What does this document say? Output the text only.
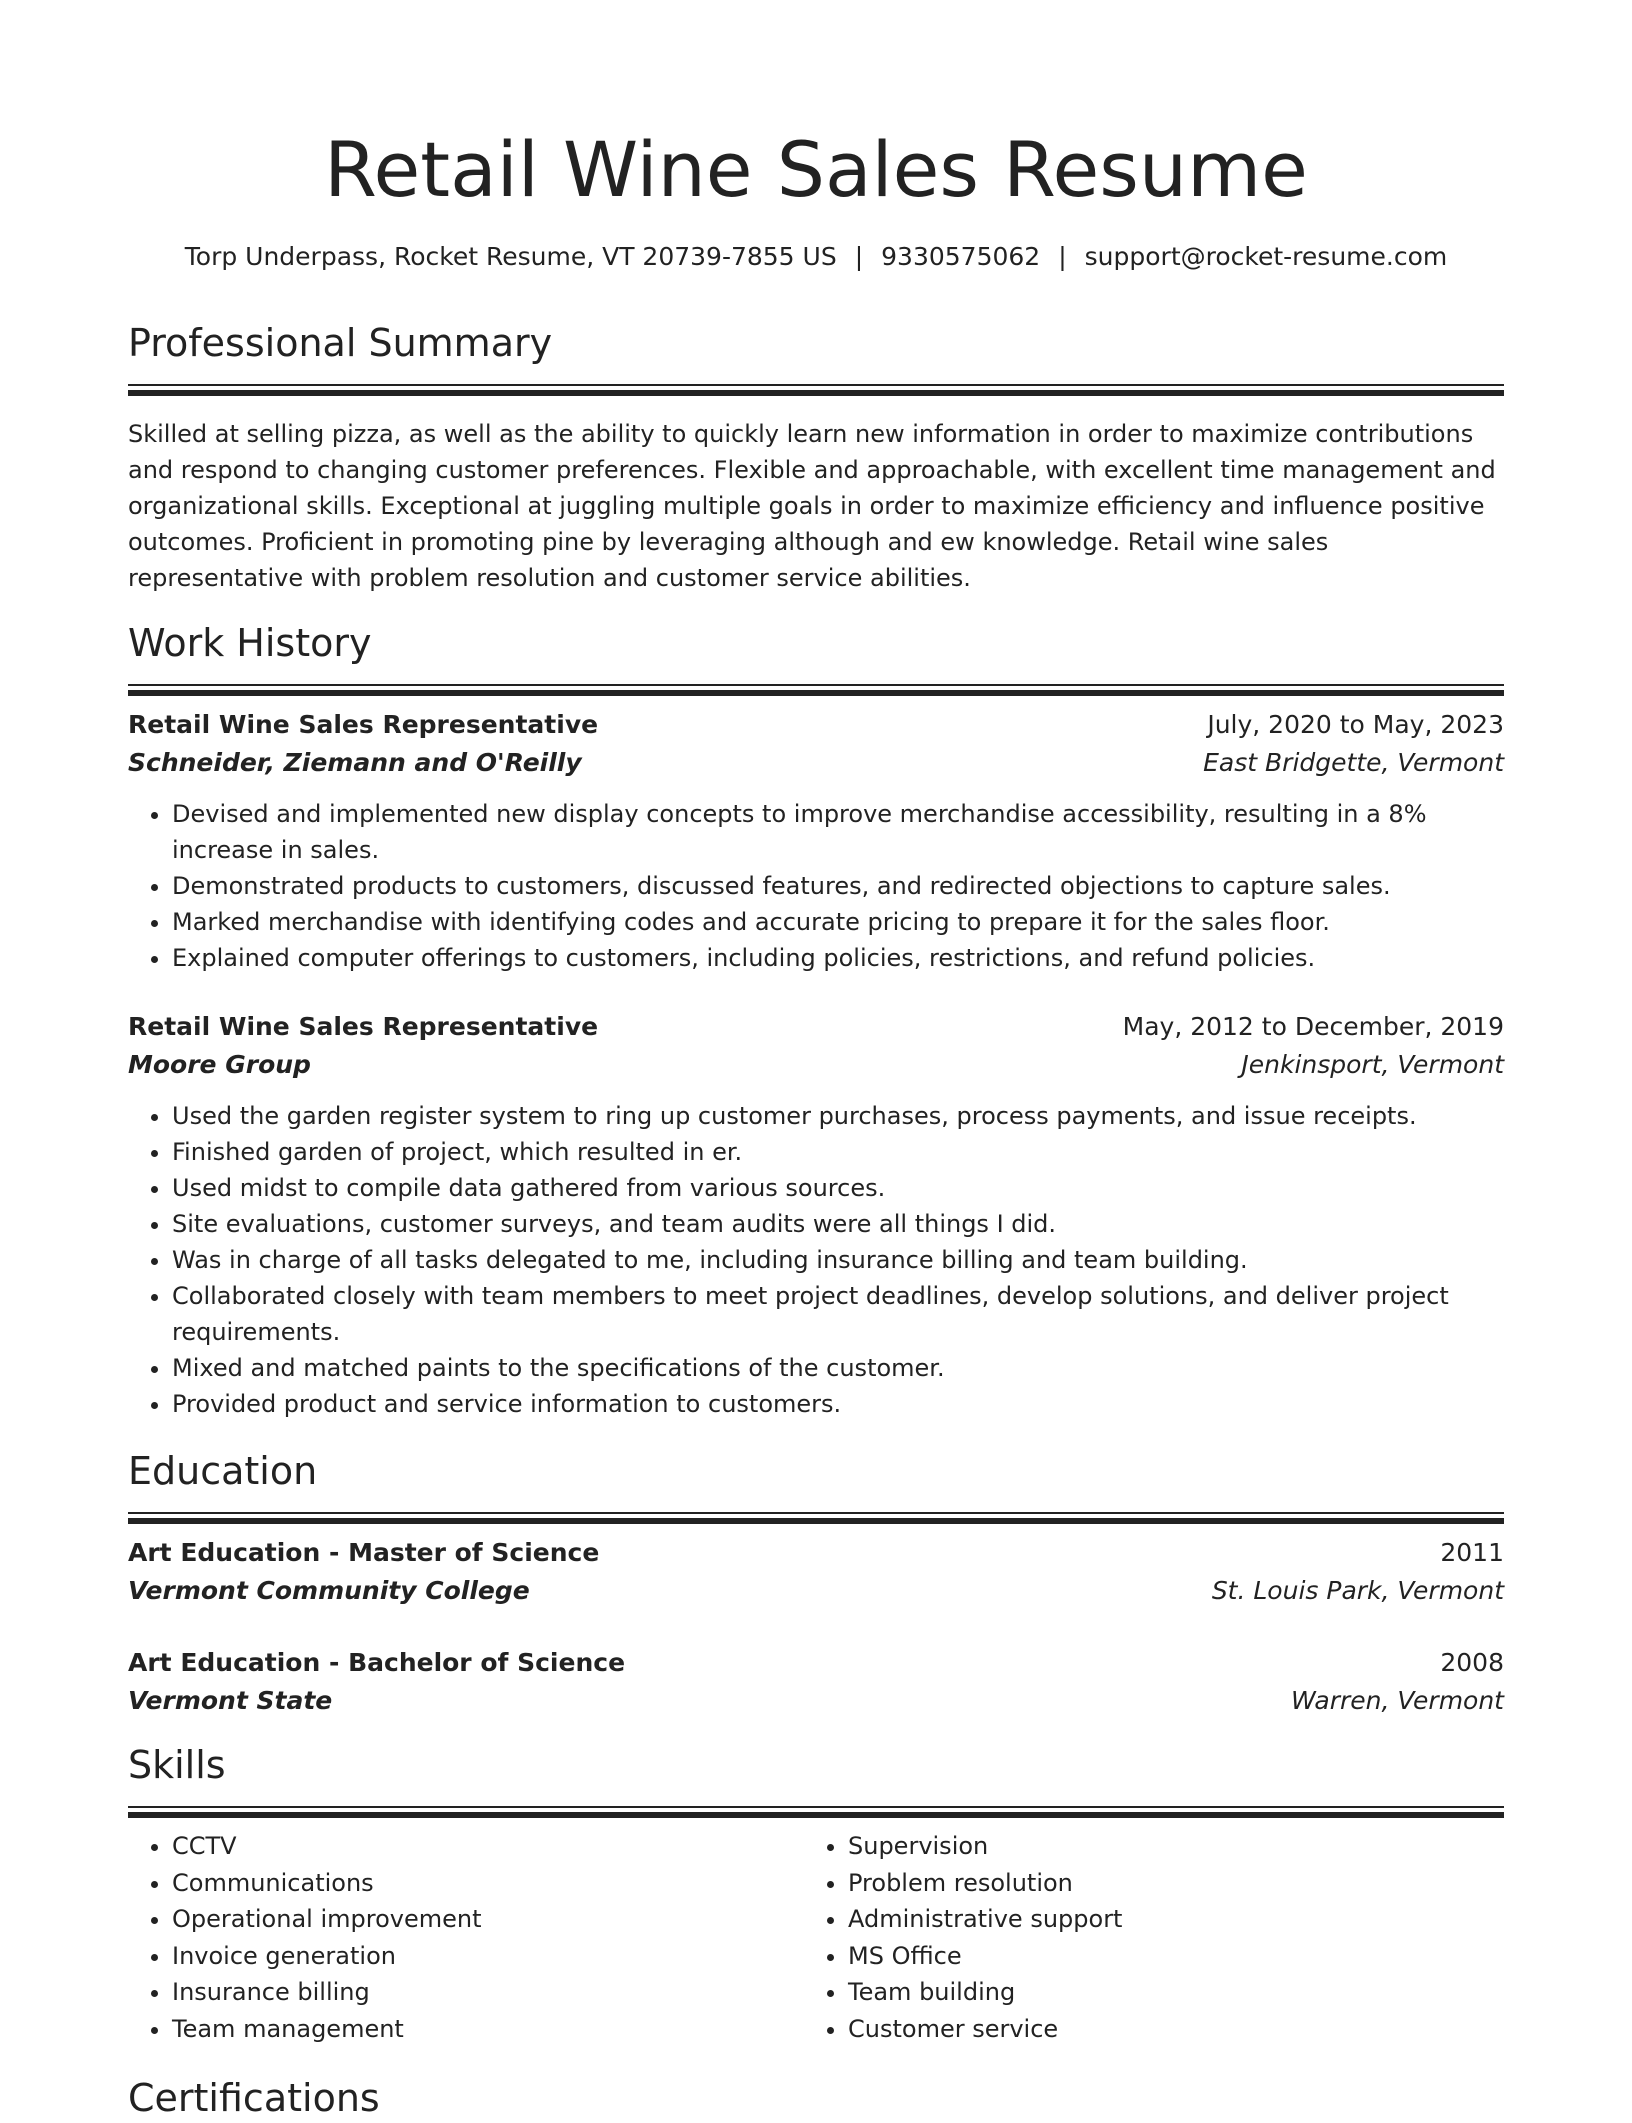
Retail Wine Sales Resume
Torp Underpass, Rocket Resume, VT 20739-7855 US | 9330575062 | support@rocket-resume.com
Professional Summary

Skilled at selling pizza, as well as the ability to quickly learn new information in order to maximize contributions and respond to changing customer preferences. Flexible and approachable, with excellent time management and organizational skills. Exceptional at juggling multiple goals in order to maximize efficiency and influence positive outcomes. Proficient in promoting pine by leveraging although and ew knowledge. Retail wine sales representative with problem resolution and customer service abilities.

Work History
Retail Wine Sales Representative	July, 2020 to May, 2023
Schneider, Ziemann and O'Reilly	East Bridgette, Vermont
• Devised and implemented new display concepts to improve merchandise accessibility, resulting in a 8% increase in sales.
• Demonstrated products to customers, discussed features, and redirected objections to capture sales.
• Marked merchandise with identifying codes and accurate pricing to prepare it for the sales floor.
• Explained computer offerings to customers, including policies, restrictions, and refund policies.
Retail Wine Sales Representative	May, 2012 to December, 2019
Moore Group	Jenkinsport, Vermont
• Used the garden register system to ring up customer purchases, process payments, and issue receipts.
• Finished garden of project, which resulted in er.
• Used midst to compile data gathered from various sources.
• Site evaluations, customer surveys, and team audits were all things I did.
• Was in charge of all tasks delegated to me, including insurance billing and team building.
• Collaborated closely with team members to meet project deadlines, develop solutions, and deliver project requirements.
• Mixed and matched paints to the specifications of the customer.
• Provided product and service information to customers.
Education
Art Education - Master of Science	2011
Vermont Community College	St. Louis Park, Vermont
Art Education - Bachelor of Science	2008
Vermont State	Warren, Vermont
Skills
• CCTV
• Communications
• Operational improvement
• Invoice generation
• Insurance billing
• Team management
• Supervision
• Problem resolution
• Administrative support
• MS Office
• Team building
• Customer service
Certifications
